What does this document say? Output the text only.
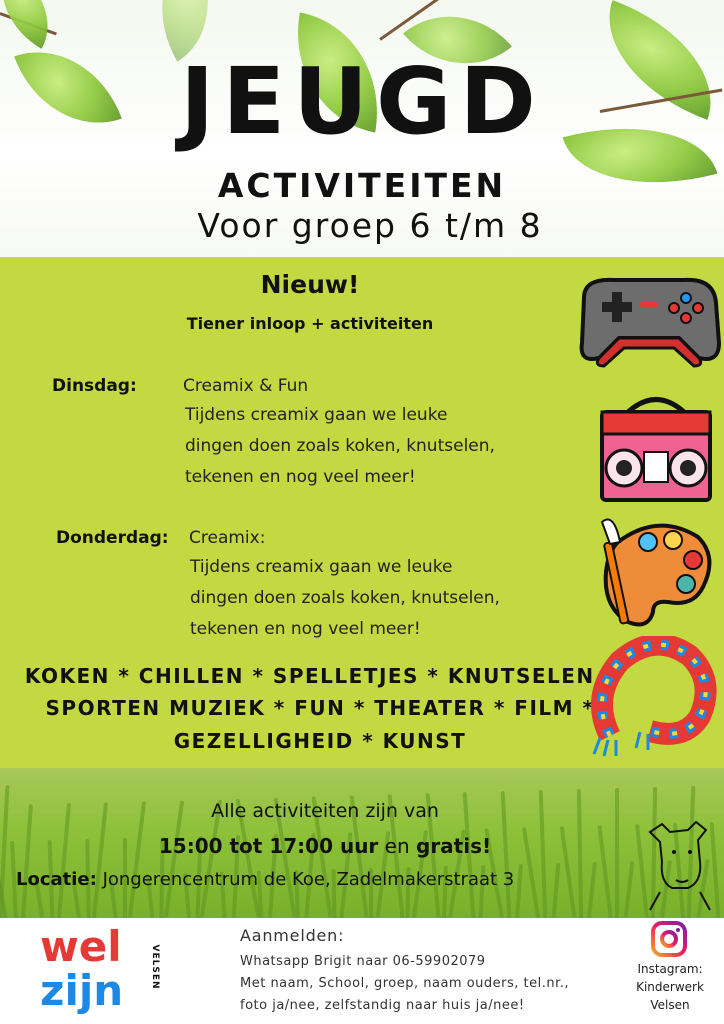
JEUGD
ACTIVITEITEN
Voor groep 6 t/m 8
Nieuw!
Tiener inloop + activiteiten
Dinsdag:	Creamix & Fun
Tijdens creamix gaan we leuke
dingen doen zoals koken, knutselen,
tekenen en nog veel meer!
Donderdag: Creamix:
Tijdens creamix gaan we leuke
dingen doen zoals koken, knutselen,
tekenen en nog veel meer!
KOKEN * CHILLEN * SPELLETJES * KNUTSELEN *
SPORTEN MUZIEK * FUN * THEATER * FILM *
GEZELLIGHEID * KUNST
Alle activiteiten zijn van
15:00 tot 17:00 uur en gratis!
Locatie: Jongerencentrum de Koe, Zadelmakerstraat 3
wel
zijn	VELSEN
Aanmelden:
Whatsapp Brigit naar 06-59902079
Met naam, School, groep, naam ouders, tel.nr.,
foto ja/nee, zelfstandig naar huis ja/nee!
Instagram:
Kinderwerk
Velsen
